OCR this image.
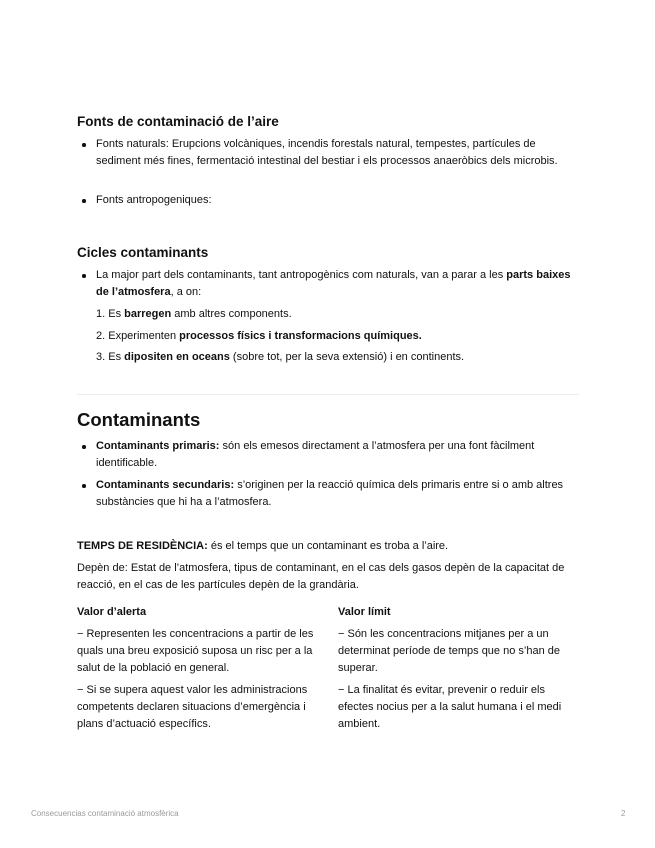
Fonts de contaminació de l’aire
Fonts naturals: Erupcions volcàniques, incendis forestals natural, tempestes, partícules de sediment més fines, fermentació intestinal del bestiar i els processos anaeròbics dels microbis.
Fonts antropogeniques:
Cicles contaminants
La major part dels contaminants, tant antropogènics com naturals, van a parar a les parts baixes de l’atmosfera, a on:
1. Es barregen amb altres components.
2. Experimenten processos físics i transformacions químiques.
3. Es dipositen en oceans (sobre tot, per la seva extensió) i en continents.
Contaminants
Contaminants primaris: són els emesos directament a l’atmosfera per una font fàcilment identificable.
Contaminants secundaris: s’originen per la reacció química dels primaris entre si o amb altres substàncies que hi ha a l’atmosfera.
TEMPS DE RESIDÈNCIA: és el temps que un contaminant es troba a l’aire.
Depèn de: Estat de l’atmosfera, tipus de contaminant, en el cas dels gasos depèn de la capacitat de reacció, en el cas de les partícules depèn de la grandària.
Valor d’alerta
− Representen les concentracions a partir de les quals una breu exposició suposa un risc per a la salut de la població en general.
− Si se supera aquest valor les administracions competents declaren situacions d’emergència i plans d’actuació específics.
Valor límit
− Són les concentracions mitjanes per a un determinat període de temps que no s’han de superar.
− La finalitat és evitar, prevenir o reduir els efectes nocius per a la salut humana i el medi ambient.
Consecuencias contaminació atmosfèrica	2
